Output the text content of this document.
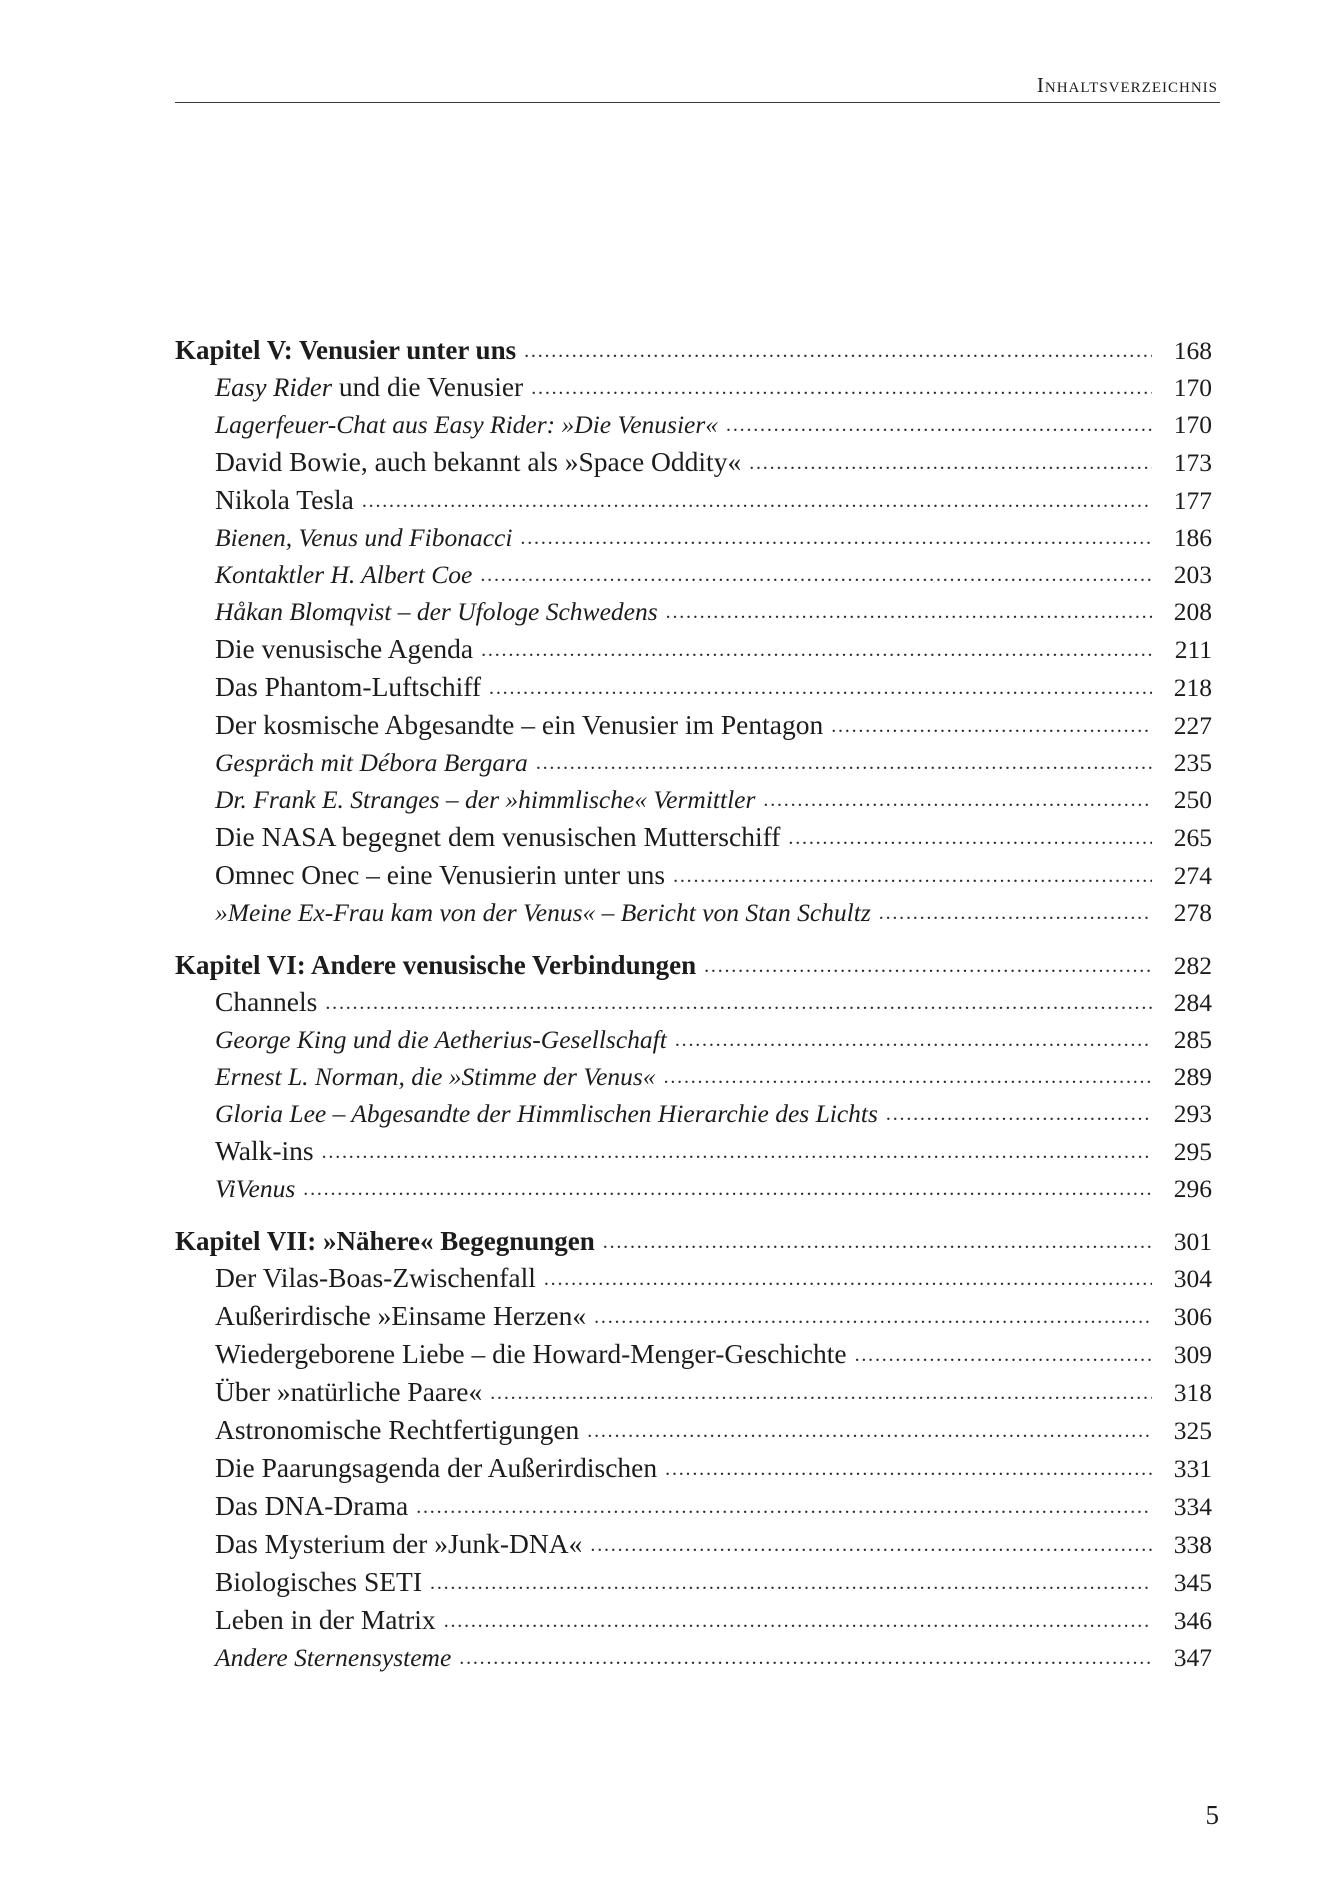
Inhaltsverzeichnis
Kapitel V: Venusier unter uns .....	168
Easy Rider und die Venusier .....	170
Lagerfeuer-Chat aus Easy Rider: »Die Venusier« .....	170
David Bowie, auch bekannt als »Space Oddity« .....	173
Nikola Tesla .....	177
Bienen, Venus und Fibonacci .....	186
Kontaktler H. Albert Coe .....	203
Håkan Blomqvist – der Ufologe Schwedens .....	208
Die venusische Agenda .....	211
Das Phantom-Luftschiff .....	218
Der kosmische Abgesandte – ein Venusier im Pentagon .....	227
Gespräch mit Débora Bergara .....	235
Dr. Frank E. Stranges – der »himmlische« Vermittler .....	250
Die NASA begegnet dem venusischen Mutterschiff .....	265
Omnec Onec – eine Venusierin unter uns .....	274
»Meine Ex-Frau kam von der Venus« – Bericht von Stan Schultz .....	278
Kapitel VI: Andere venusische Verbindungen .....	282
Channels .....	284
George King und die Aetherius-Gesellschaft .....	285
Ernest L. Norman, die »Stimme der Venus« .....	289
Gloria Lee – Abgesandte der Himmlischen Hierarchie des Lichts .....	293
Walk-ins .....	295
ViVenus .....	296
Kapitel VII: »Nähere« Begegnungen .....	301
Der Vilas-Boas-Zwischenfall .....	304
Außerirdische »Einsame Herzen« .....	306
Wiedergeborene Liebe – die Howard-Menger-Geschichte .....	309
Über »natürliche Paare« .....	318
Astronomische Rechtfertigungen .....	325
Die Paarungsagenda der Außerirdischen .....	331
Das DNA-Drama .....	334
Das Mysterium der »Junk-DNA« .....	338
Biologisches SETI .....	345
Leben in der Matrix .....	346
Andere Sternensysteme .....	347
5
